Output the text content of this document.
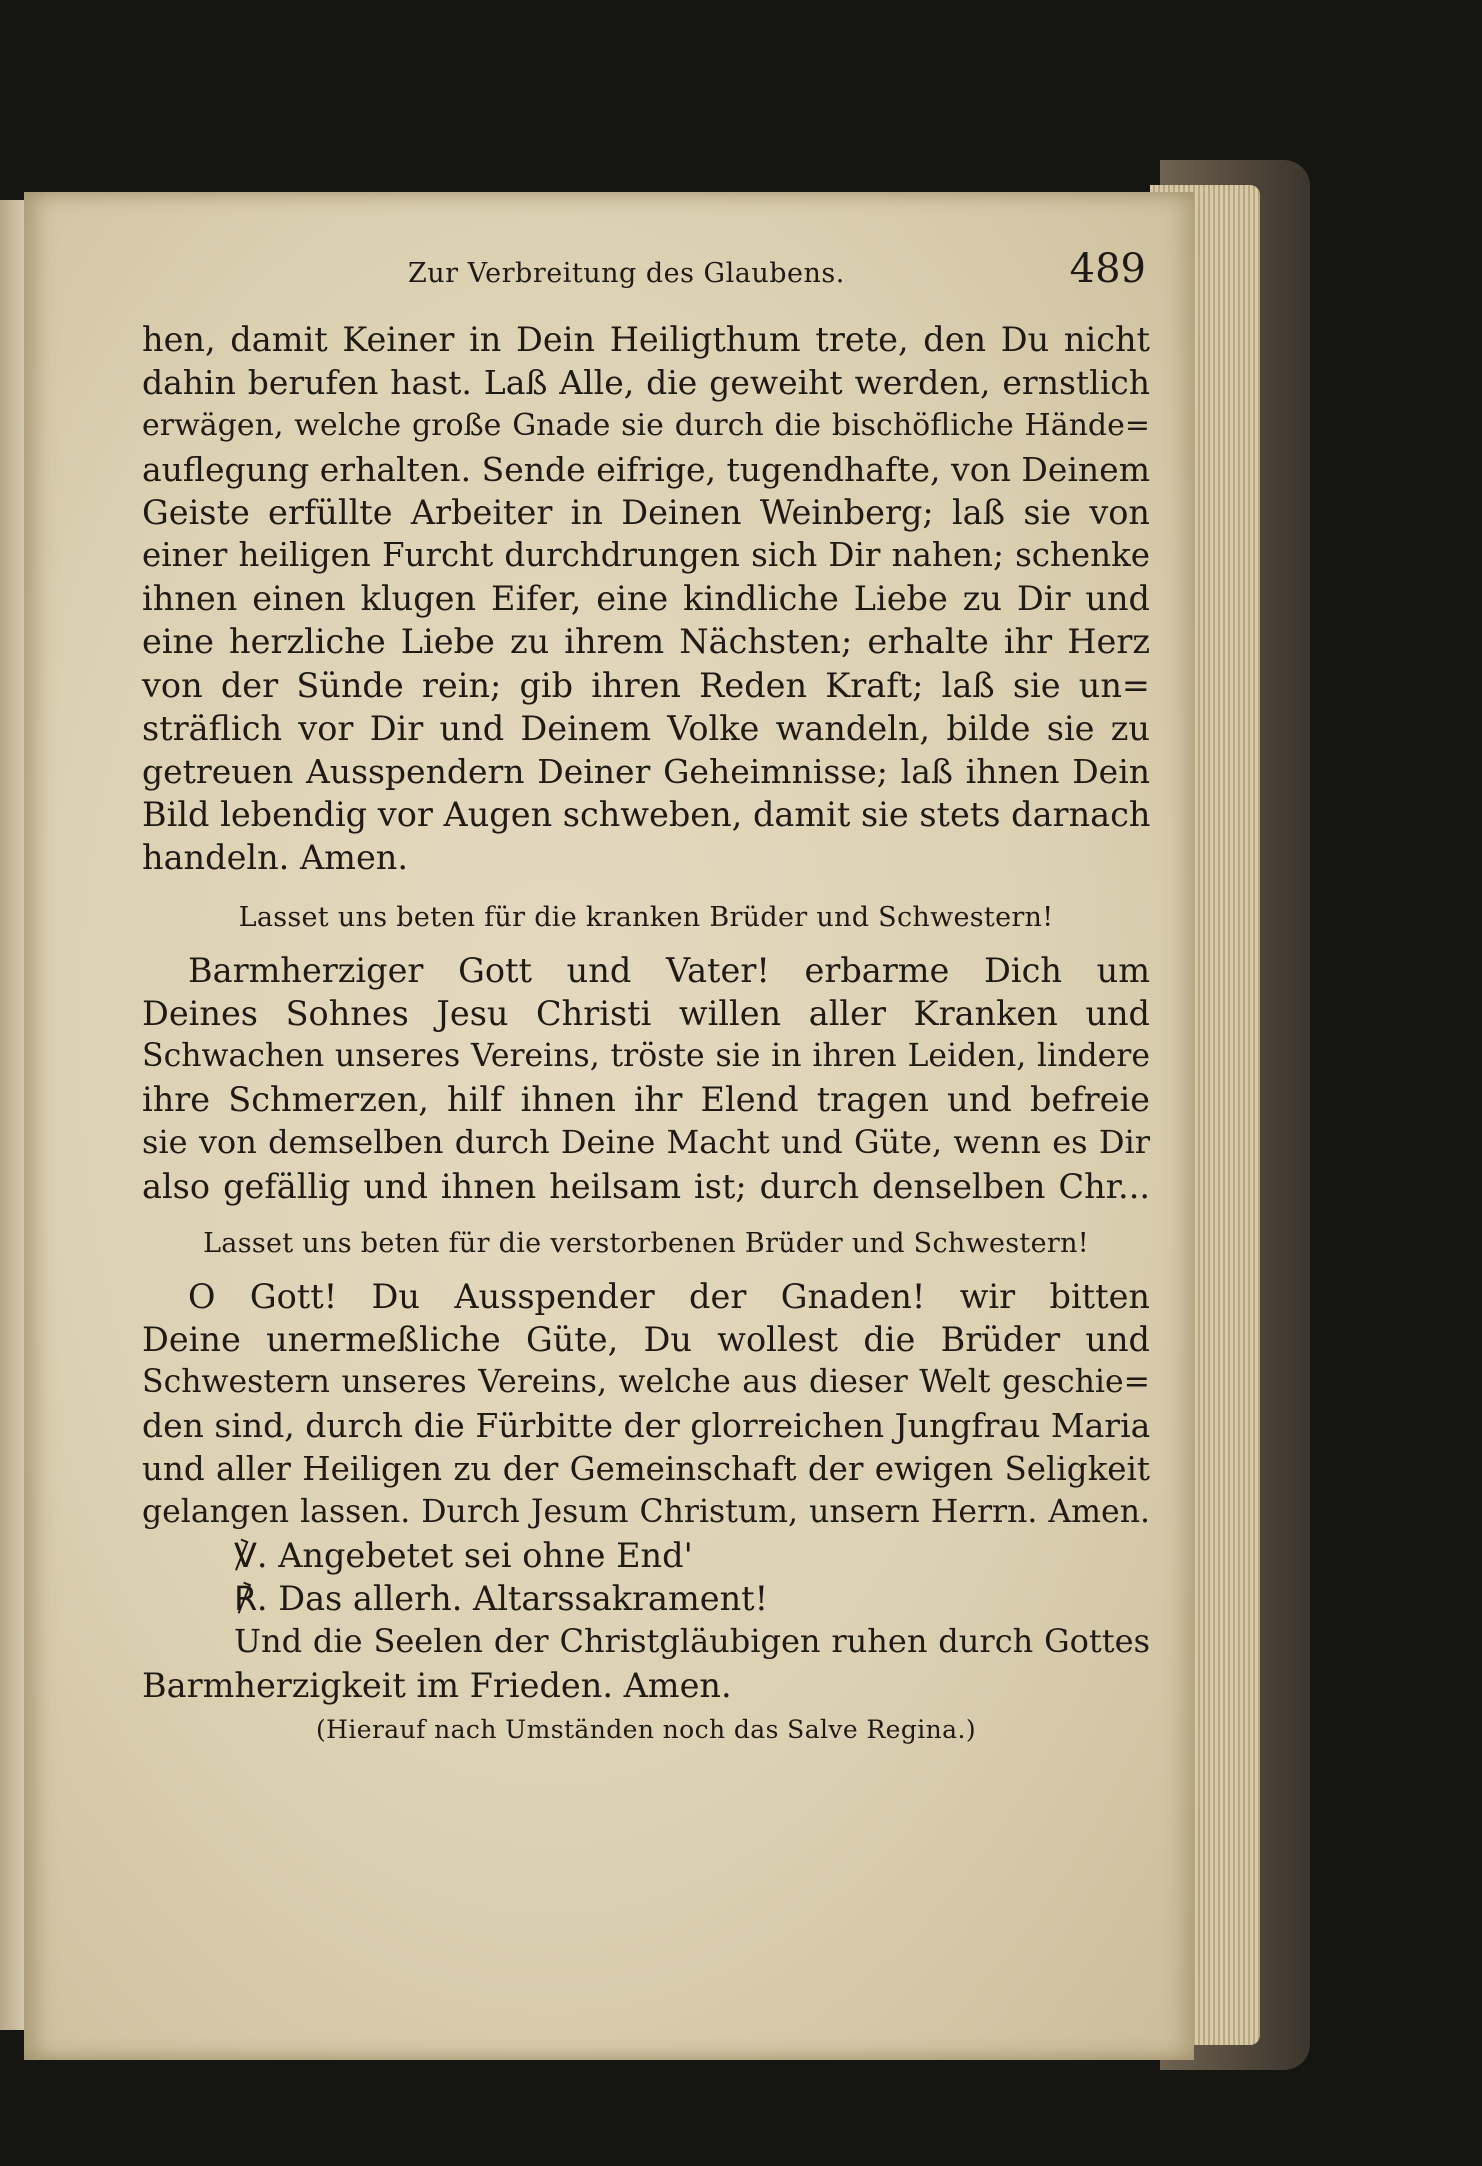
Zur Verbreitung des Glaubens.	489

hen, damit Keiner in Dein Heiligthum trete, den Du nicht
dahin berufen hast. Laß Alle, die geweiht werden, ernstlich
erwägen, welche große Gnade sie durch die bischöfliche Hände=
auflegung erhalten. Sende eifrige, tugendhafte, von Deinem
Geiste erfüllte Arbeiter in Deinen Weinberg; laß sie von
einer heiligen Furcht durchdrungen sich Dir nahen; schenke
ihnen einen klugen Eifer, eine kindliche Liebe zu Dir und
eine herzliche Liebe zu ihrem Nächsten; erhalte ihr Herz
von der Sünde rein; gib ihren Reden Kraft; laß sie un=
sträflich vor Dir und Deinem Volke wandeln, bilde sie zu
getreuen Ausspendern Deiner Geheimnisse; laß ihnen Dein
Bild lebendig vor Augen schweben, damit sie stets darnach
handeln. Amen.

Lasset uns beten für die kranken Brüder und Schwestern!

Barmherziger Gott und Vater! erbarme Dich um
Deines Sohnes Jesu Christi willen aller Kranken und
Schwachen unseres Vereins, tröste sie in ihren Leiden, lindere
ihre Schmerzen, hilf ihnen ihr Elend tragen und befreie
sie von demselben durch Deine Macht und Güte, wenn es Dir
also gefällig und ihnen heilsam ist; durch denselben Chr...

Lasset uns beten für die verstorbenen Brüder und Schwestern!

O Gott! Du Ausspender der Gnaden! wir bitten
Deine unermeßliche Güte, Du wollest die Brüder und
Schwestern unseres Vereins, welche aus dieser Welt geschie=
den sind, durch die Fürbitte der glorreichen Jungfrau Maria
und aller Heiligen zu der Gemeinschaft der ewigen Seligkeit
gelangen lassen. Durch Jesum Christum, unsern Herrn. Amen.

℣. Angebetet sei ohne End'

℟. Das allerh. Altarssakrament!

Und die Seelen der Christgläubigen ruhen durch Gottes
Barmherzigkeit im Frieden. Amen.

(Hierauf nach Umständen noch das Salve Regina.)
